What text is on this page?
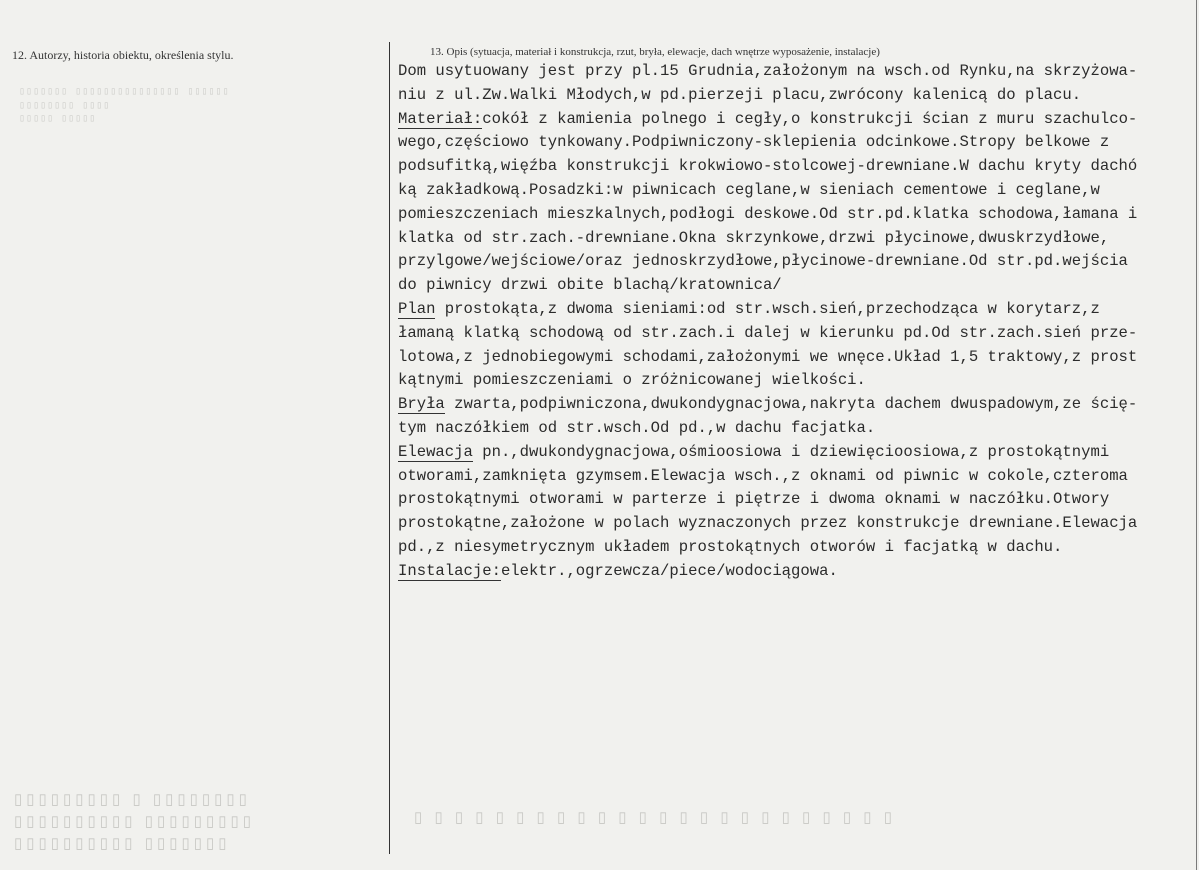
▯▯▯▯▯▯ ▯▯▯▯▯▯▯▯▯▯▯▯▯▯▯ ▯▯▯▯▯▯▯
▯▯▯▯ ▯▯▯▯▯▯▯▯
▯▯▯▯▯ ▯▯▯▯▯
▯▯▯▯▯▯▯▯ ▯ ▯▯▯▯▯▯▯▯▯
▯▯▯▯▯▯▯▯▯ ▯▯▯▯▯▯▯▯▯▯
▯▯▯▯▯▯▯ ▯▯▯▯▯▯▯▯▯▯
▯ ▯ ▯ ▯ ▯ ▯ ▯ ▯ ▯ ▯ ▯ ▯ ▯ ▯ ▯ ▯ ▯ ▯ ▯ ▯ ▯ ▯ ▯ ▯
12. Autorzy, historia obiektu, określenia stylu.	13. Opis (sytuacja, materiał i konstrukcja, rzut, bryła, elewacje, dach wnętrze wyposażenie, instalacje)
Dom usytuowany jest przy pl.15 Grudnia,założonym na wsch.od Rynku,na skrzyżowa-
niu z ul.Zw.Walki Młodych,w pd.pierzeji placu,zwrócony kalenicą do placu.
Materiał:cokół z kamienia polnego i cegły,o konstrukcji ścian z muru szachulco-
wego,częściowo tynkowany.Podpiwniczony-sklepienia odcinkowe.Stropy belkowe z
podsufitką,więźba konstrukcji krokwiowo-stolcowej-drewniane.W dachu kryty dachó
ką zakładkową.Posadzki:w piwnicach ceglane,w sieniach cementowe i ceglane,w
pomieszczeniach mieszkalnych,podłogi deskowe.Od str.pd.klatka schodowa,łamana i
klatka od str.zach.-drewniane.Okna skrzynkowe,drzwi płycinowe,dwuskrzydłowe,
przylgowe/wejściowe/oraz jednoskrzydłowe,płycinowe-drewniane.Od str.pd.wejścia
do piwnicy drzwi obite blachą/kratownica/
Plan prostokąta,z dwoma sieniami:od str.wsch.sień,przechodząca w korytarz,z
łamaną klatką schodową od str.zach.i dalej w kierunku pd.Od str.zach.sień prze-
lotowa,z jednobiegowymi schodami,założonymi we wnęce.Układ 1,5 traktowy,z prost
kątnymi pomieszczeniami o zróżnicowanej wielkości.
Bryła zwarta,podpiwniczona,dwukondygnacjowa,nakryta dachem dwuspadowym,ze ścię-
tym naczółkiem od str.wsch.Od pd.,w dachu facjatka.
Elewacja pn.,dwukondygnacjowa,ośmioosiowa i dziewięcioosiowa,z prostokątnymi
otworami,zamknięta gzymsem.Elewacja wsch.,z oknami od piwnic w cokole,czteroma
prostokątnymi otworami w parterze i piętrze i dwoma oknami w naczółku.Otwory
prostokątne,założone w polach wyznaczonych przez konstrukcje drewniane.Elewacja
pd.,z niesymetrycznym układem prostokątnych otworów i facjatką w dachu.
Instalacje:elektr.,ogrzewcza/piece/wodociągowa.
